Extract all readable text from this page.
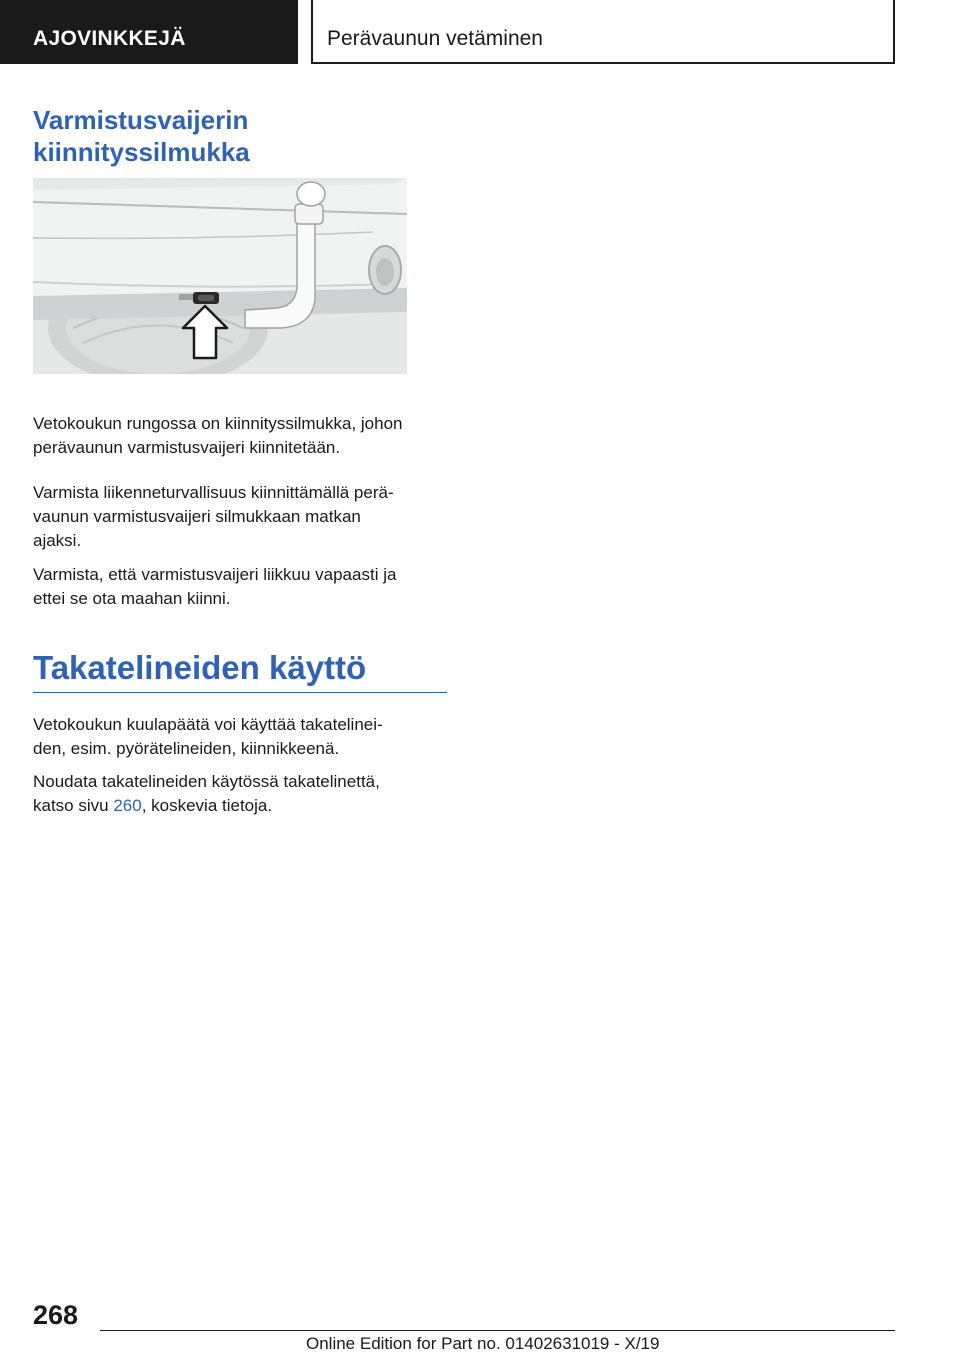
AJOVINKKEJÄ	Perävaunun vetäminen
Varmistusvaijerin
kiinnityssilmukka

Vetokoukun rungossa on kiinnityssilmukka, johon perävaunun varmistusvaijeri kiinnitetään.

Varmista liikenneturvallisuus kiinnittämällä perä-
vaunun varmistusvaijeri silmukkaan matkan
ajaksi.

Varmista, että varmistusvaijeri liikkuu vapaasti ja
ettei se ota maahan kiinni.

Takatelineiden käyttö

Vetokoukun kuulapäätä voi käyttää takatelinei-
den, esim. pyörätelineiden, kiinnikkeenä.

Noudata takatelineiden käytössä takatelinettä,
katso sivu 260, koskevia tietoja.

268
Online Edition for Part no. 01402631019 - X/19
